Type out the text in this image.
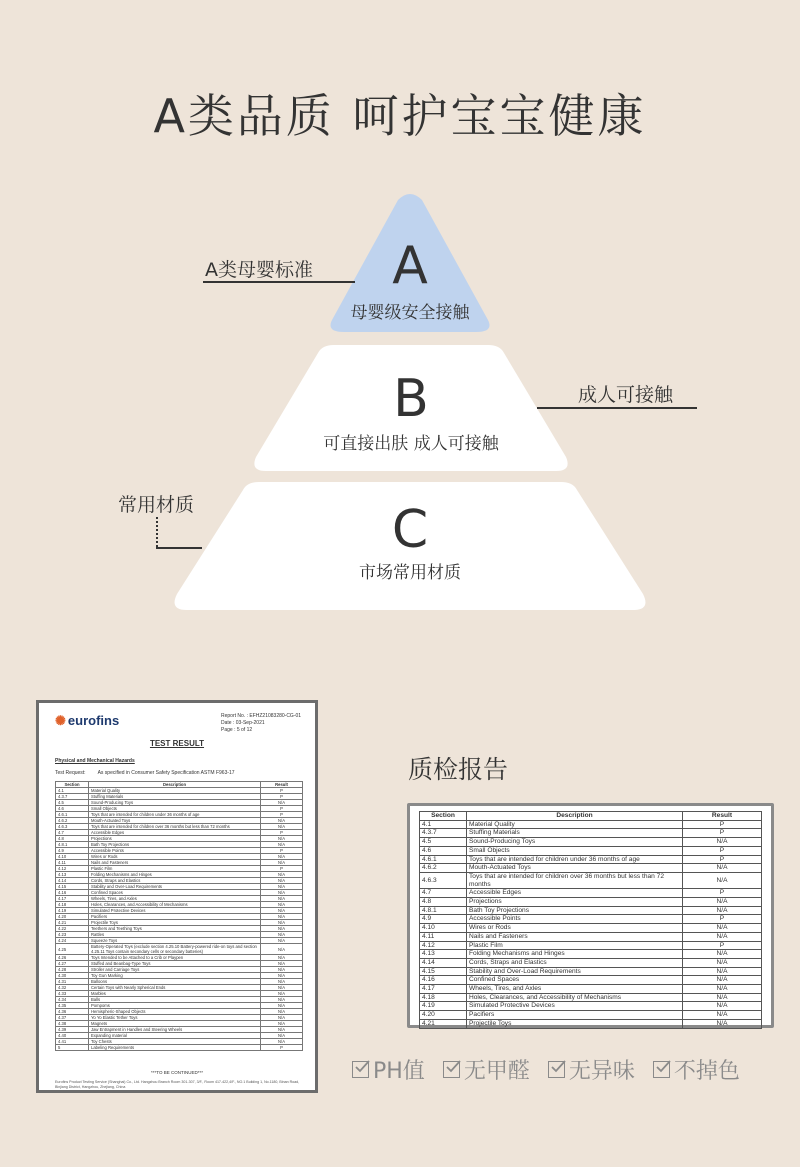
A类品质 呵护宝宝健康
A
母婴级安全接触
B
可直接出肤 成人可接触
C
市场常用材质
A类母婴标准
成人可接触
常用材质
✺ eurofins	Report No. : EFHZ21083280-CG-01
Date : 03-Sep-2021
Page : 5 of 12
TEST RESULT
Physical and Mechanical Hazards
Test Request: As specified in Consumer Safety Specification ASTM F963-17
Section	Description	Result
4.1	Material Quality	P
4.3.7	Stuffing Materials	P
4.5	Sound-Producing Toys	N/A
4.6	Small Objects	P
4.6.1	Toys that are intended for children under 36 months of age	P
4.6.2	Mouth-Actuated Toys	N/A
4.6.3	Toys that are intended for children over 36 months but less than 72 months	N/A
4.7	Accessible Edges	P
4.8	Projections	N/A
4.8.1	Bath Toy Projections	N/A
4.9	Accessible Points	P
4.10	Wires or Rods	N/A
4.11	Nails and Fasteners	N/A
4.12	Plastic Film	P
4.13	Folding Mechanisms and Hinges	N/A
4.14	Cords, Straps and Elastics	N/A
4.15	Stability and Over-Load Requirements	N/A
4.16	Confined Spaces	N/A
4.17	Wheels, Tires, and Axles	N/A
4.18	Holes, Clearances, and Accessibility of Mechanisms	N/A
4.19	Simulated Protective Devices	N/A
4.20	Pacifiers	N/A
4.21	Projectile Toys	N/A
4.22	Teethers and Teething Toys	N/A
4.23	Rattles	N/A
4.24	Squeeze Toys	N/A
4.25	Battery-Operated Toys (exclude section 4.25.10 Battery-powered ride-on toys and section 4.25.11 Toys contain secondary cells or secondary batteries)	N/A
4.26	Toys Intended to be Attached to a Crib or Playpen	N/A
4.27	Stuffed and Beanbag-Type Toys	N/A
4.28	Stroller and Carriage Toys	N/A
4.30	Toy Gun Marking	N/A
4.31	Balloons	N/A
4.32	Certain Toys with Nearly Spherical Ends	N/A
4.33	Marbles	N/A
4.34	Balls	N/A
4.35	Pompoms	N/A
4.36	Hemispheric-Shaped Objects	N/A
4.37	Yo Yo Elastic Tether Toys	N/A
4.38	Magnets	N/A
4.39	Jaw Entrapment in Handles and Steering Wheels	N/A
4.40	Expanding material	N/A
4.41	Toy Chests	N/A
5	Labeling Requirements	P
***TO BE CONTINUED***
Eurofins Product Testing Service (Shanghai) Co., Ltd. Hangzhou Branch Room 301-307, 3/F., Room 417-422,4/F., NO.1 Building 1, No.1180, Binan Road, Binjiang District, Hangzhou, Zhejiang, China
质检报告
Section	Description	Result
4.1	Material Quality	P
4.3.7	Stuffing Materials	P
4.5	Sound-Producing Toys	N/A
4.6	Small Objects	P
4.6.1	Toys that are intended for children under 36 months of age	P
4.6.2	Mouth-Actuated Toys	N/A
4.6.3	Toys that are intended for children over 36 months but less than 72 months	N/A
4.7	Accessible Edges	P
4.8	Projections	N/A
4.8.1	Bath Toy Projections	N/A
4.9	Accessible Points	P
4.10	Wires or Rods	N/A
4.11	Nails and Fasteners	N/A
4.12	Plastic Film	P
4.13	Folding Mechanisms and Hinges	N/A
4.14	Cords, Straps and Elastics	N/A
4.15	Stability and Over-Load Requirements	N/A
4.16	Confined Spaces	N/A
4.17	Wheels, Tires, and Axles	N/A
4.18	Holes, Clearances, and Accessibility of Mechanisms	N/A
4.19	Simulated Protective Devices	N/A
4.20	Pacifiers	N/A
4.21	Projectile Toys	N/A
PH值 无甲醛 无异味 不掉色
